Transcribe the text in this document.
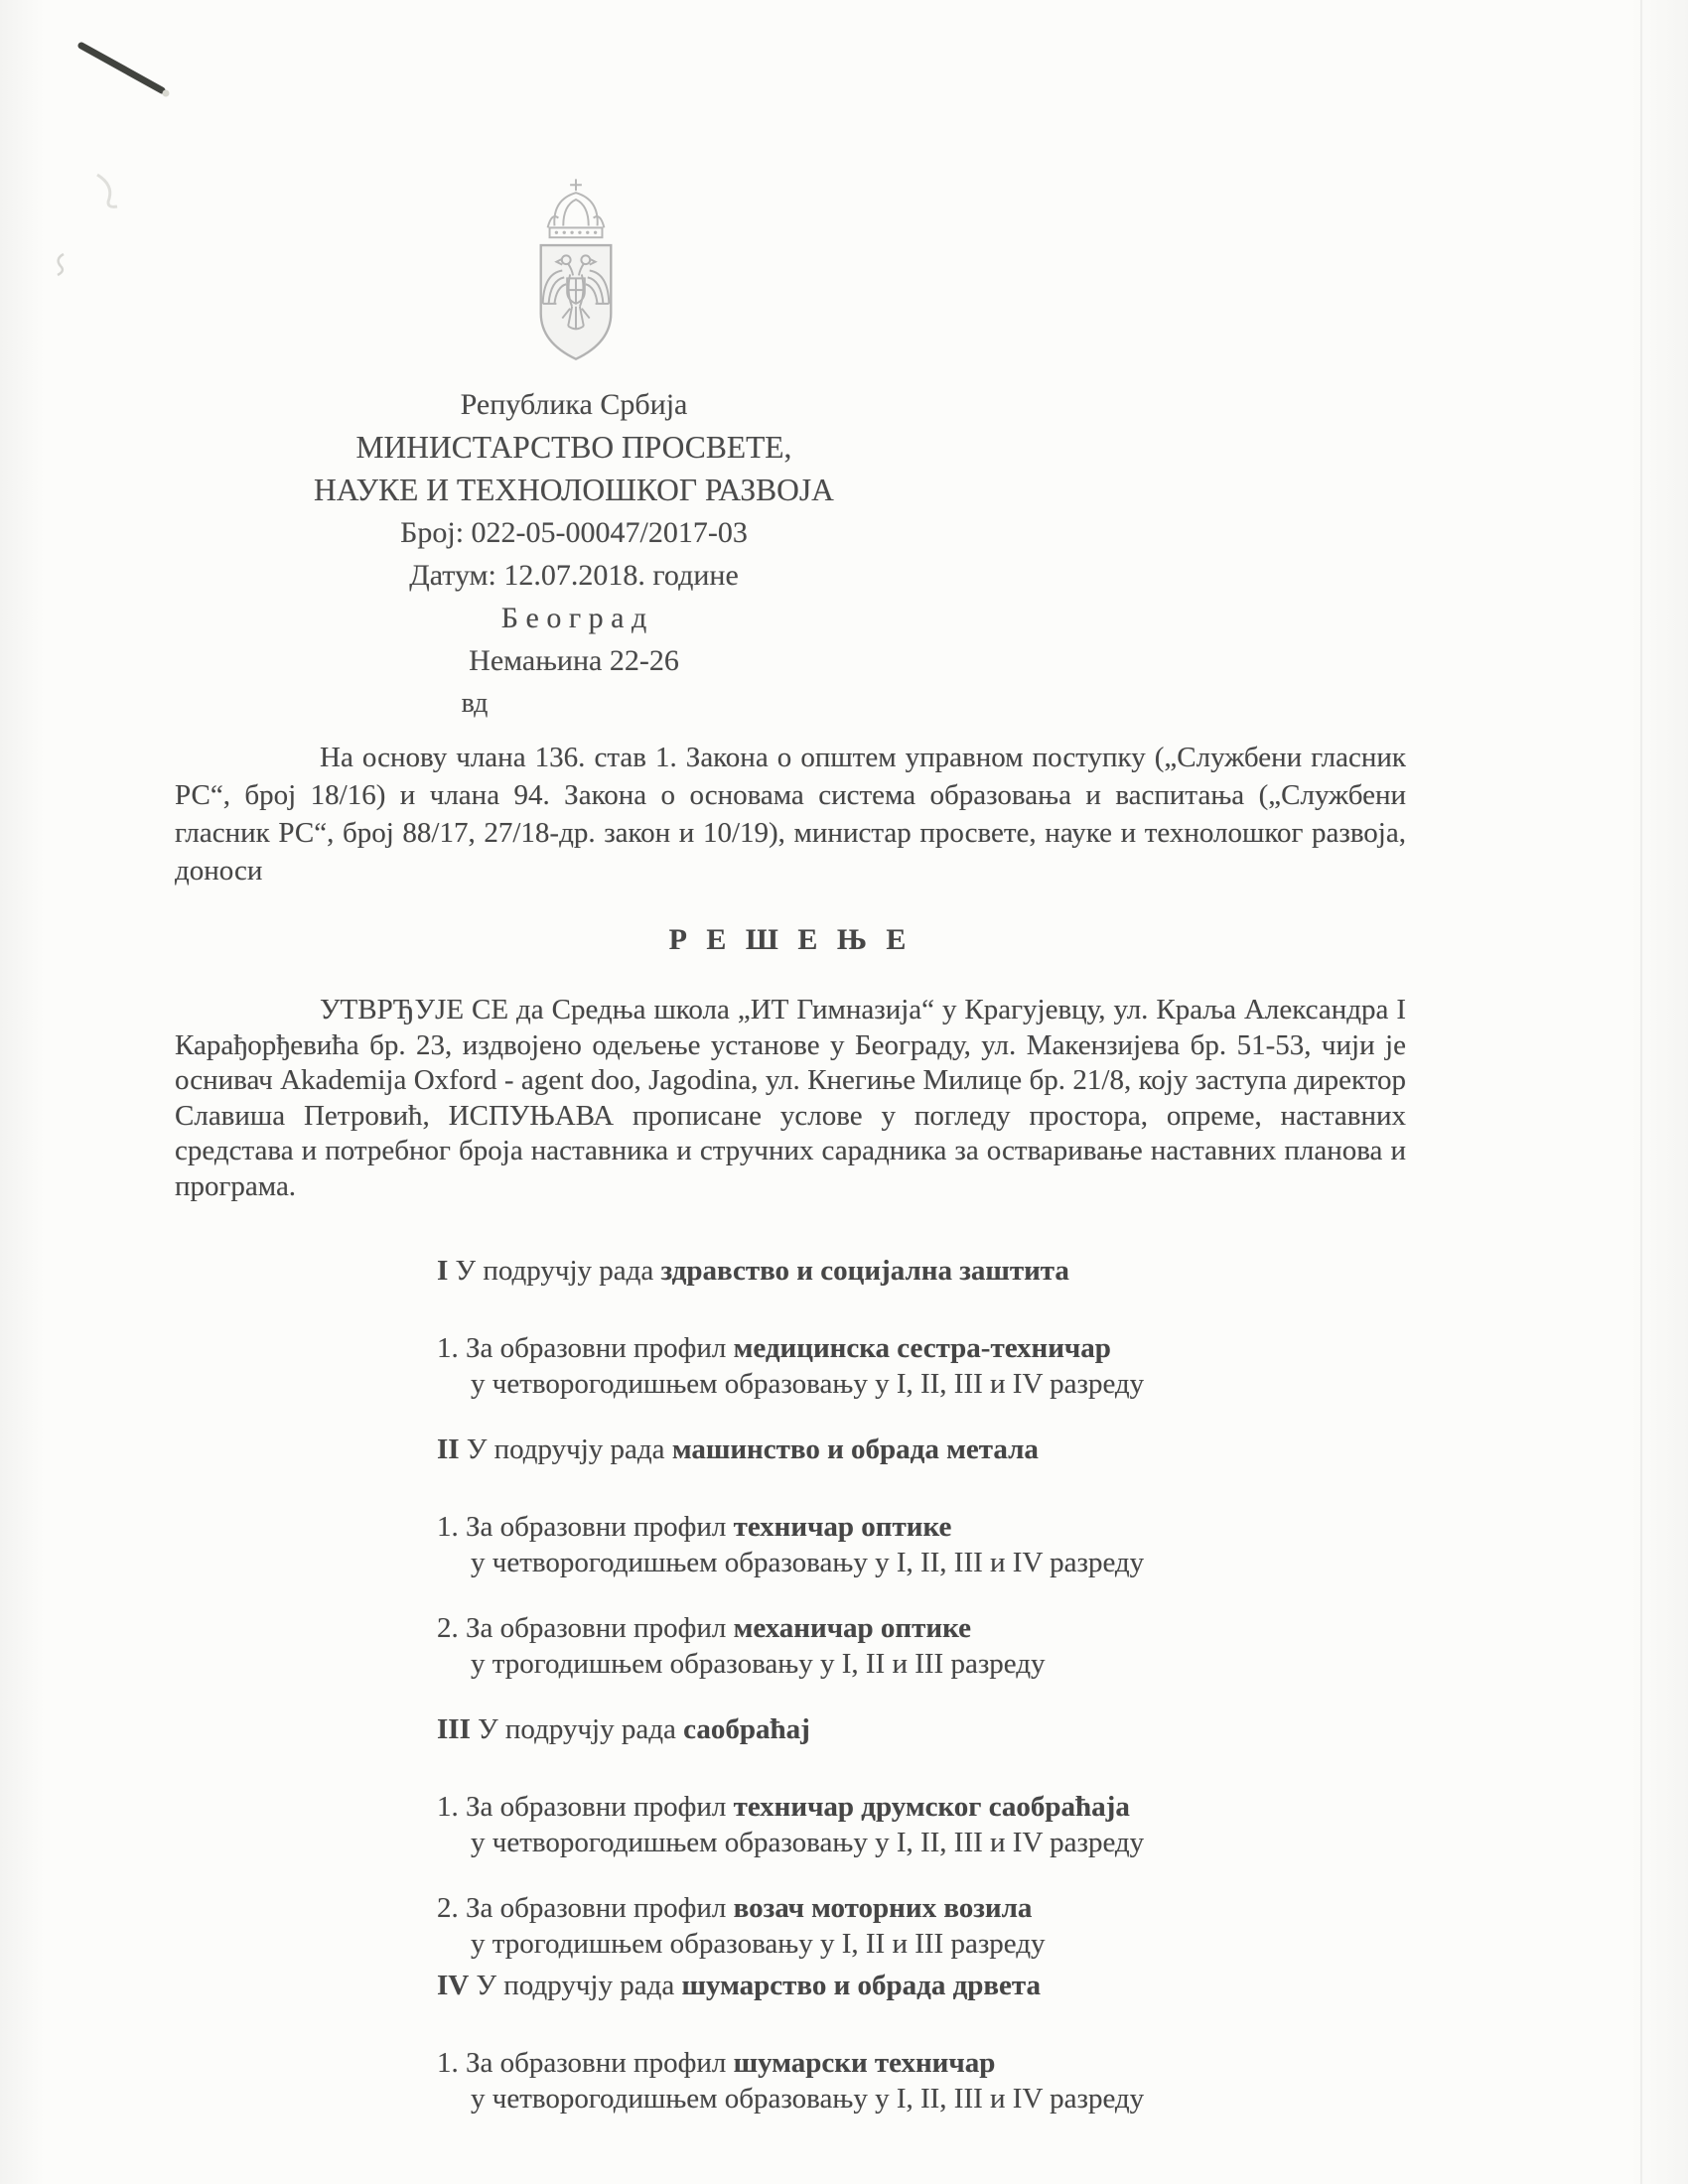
Република Србија
МИНИСТАРСТВО ПРОСВЕТЕ,
НАУКЕ И ТЕХНОЛОШКОГ РАЗВОЈА
Број: 022-05-00047/2017-03
Датум: 12.07.2018. године
Б е о г р а д
Немањина 22-26
вд

На основу члана 136. став 1. Закона о општем управном поступку („Службени гласник РС“, број 18/16) и члана 94. Закона о основама система образовања и васпитања („Службени гласник РС“, број 88/17, 27/18-др. закон и 10/19), министар просвете, науке и технолошког развоја, доноси

Р Е Ш Е Њ Е

УТВРЂУЈЕ СЕ да Средња школа „ИТ Гимназија“ у Крагујевцу, ул. Краља Александра I Карађорђевића бр. 23, издвојено одељење установе у Београду, ул. Макензијева бр. 51-53, чији је оснивач Akademija Oxford - agent doo, Jagodina, ул. Кнегиње Милице бр. 21/8, коју заступа директор Славиша Петровић, ИСПУЊАВА прописане услове у погледу простора, опреме, наставних средстава и потребног броја наставника и стручних сарадника за остваривање наставних планова и програма.

I У подручју рада здравство и социјална заштита

1. За образовни профил медицинска сестра-техничар

у четворогодишњем образовању у I, II, III и IV разреду

II У подручју рада машинство и обрада метала

1. За образовни профил техничар оптике

у четворогодишњем образовању у I, II, III и IV разреду

2. За образовни профил механичар оптике

у трогодишњем образовању у I, II и III разреду

III У подручју рада саобраћај

1. За образовни профил техничар друмског саобраћаја

у четворогодишњем образовању у I, II, III и IV разреду

2. За образовни профил возач моторних возила

у трогодишњем образовању у I, II и III разреду

IV У подручју рада шумарство и обрада дрвета

1. За образовни профил шумарски техничар

у четворогодишњем образовању у I, II, III и IV разреду
